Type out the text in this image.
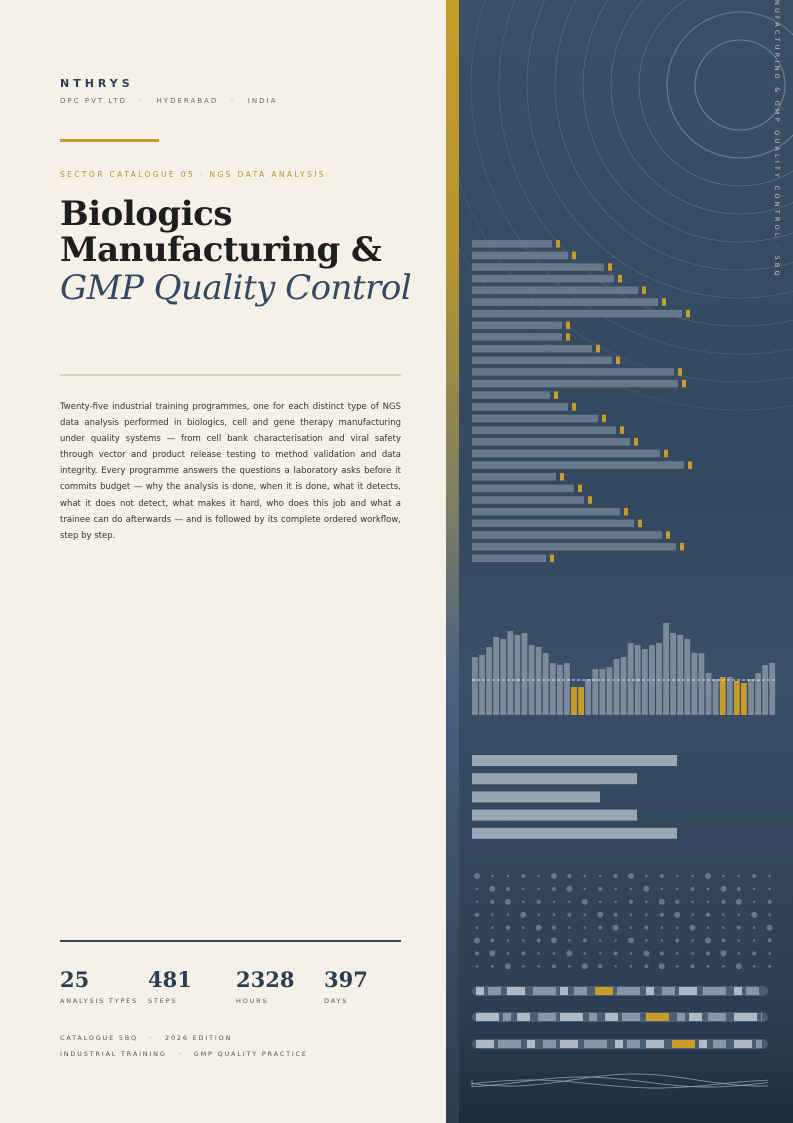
NTHRYS
OPC PVT LTD   ·   HYDERABAD   ·   INDIA
SECTOR CATALOGUE 05 · NGS DATA ANALYSIS
Biologics Manufacturing &
GMP Quality Control
Twenty-five industrial training programmes, one for each distinct type of NGS data analysis performed in biologics, cell and gene therapy manufacturing under quality systems — from cell bank characterisation and viral safety through vector and product release testing to method validation and data integrity. Every programme answers the questions a laboratory asks before it commits budget — why the analysis is done, when it is done, what it detects, what it does not detect, what makes it hard, who does this job and what a trainee can do afterwards — and is followed by its complete ordered workflow, step by step.
25
ANALYSIS TYPES
481
STEPS
2328
HOURS
397
DAYS
CATALOGUE 5BQ   ·   2026 EDITION
INDUSTRIAL TRAINING   ·   GMP QUALITY PRACTICE
NUFACTURING & GMP QUALITY CONTROL · 5BQ
